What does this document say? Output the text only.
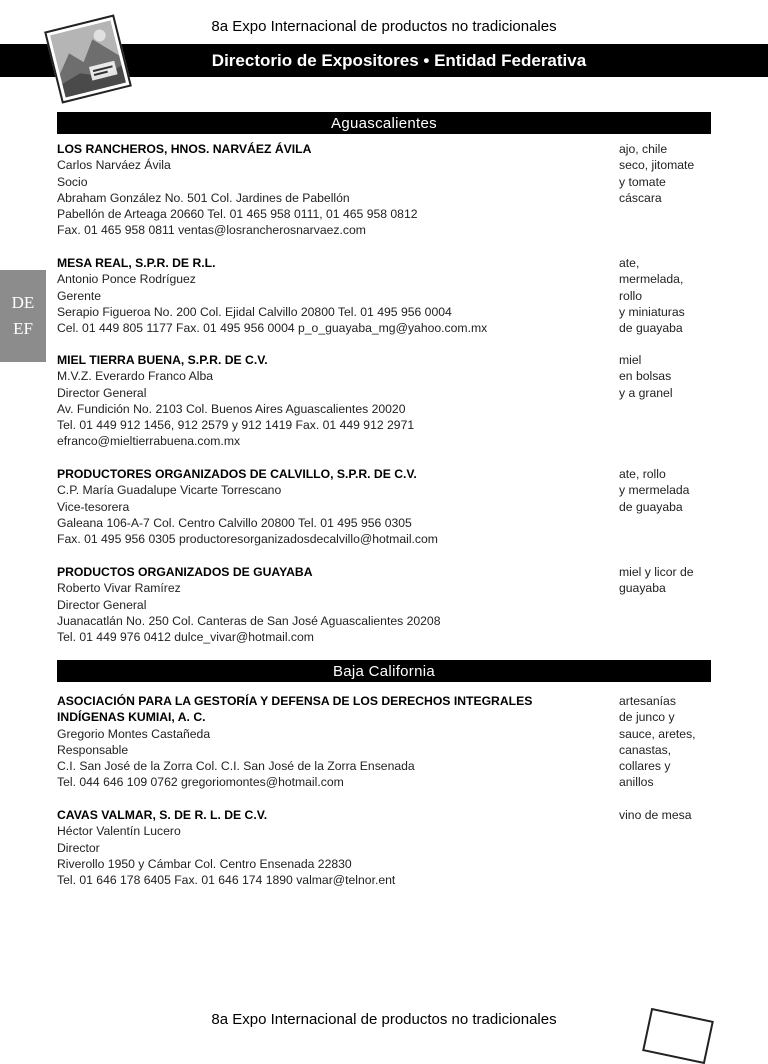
8a Expo Internacional de productos no tradicionales
Directorio de Expositores • Entidad Federativa
DE
EF
Aguascalientes
LOS RANCHEROS, HNOS. NARVÁEZ ÁVILA
Carlos Narváez Ávila
Socio
Abraham González No. 501 Col. Jardines de Pabellón
Pabellón de Arteaga 20660 Tel. 01 465 958 0111, 01 465 958 0812
Fax. 01 465 958 0811 ventas@losrancherosnarvaez.com
ajo, chile
seco, jitomate
y tomate
cáscara
MESA REAL, S.P.R. DE R.L.
Antonio Ponce Rodríguez
Gerente
Serapio Figueroa No. 200 Col. Ejidal Calvillo 20800 Tel. 01 495 956 0004
Cel. 01 449 805 1177 Fax. 01 495 956 0004 p_o_guayaba_mg@yahoo.com.mx
ate,
mermelada,
rollo
y miniaturas
de guayaba
MIEL TIERRA BUENA, S.P.R. DE C.V.
M.V.Z. Everardo Franco Alba
Director General
Av. Fundición No. 2103 Col. Buenos Aires Aguascalientes 20020
Tel. 01 449 912 1456, 912 2579 y 912 1419 Fax. 01 449 912 2971
efranco@mieltierrabuena.com.mx
miel
en bolsas
y a granel
PRODUCTORES ORGANIZADOS DE CALVILLO, S.P.R. DE C.V.
C.P. María Guadalupe Vicarte Torrescano
Vice-tesorera
Galeana 106-A-7 Col. Centro Calvillo 20800 Tel. 01 495 956 0305
Fax. 01 495 956 0305 productoresorganizadosdecalvillo@hotmail.com
ate, rollo
y mermelada
de guayaba
PRODUCTOS ORGANIZADOS DE GUAYABA
Roberto Vivar Ramírez
Director General
Juanacatlán No. 250 Col. Canteras de San José Aguascalientes 20208
Tel. 01 449 976 0412 dulce_vivar@hotmail.com
miel y licor de
guayaba
Baja California
ASOCIACIÓN PARA LA GESTORÍA Y DEFENSA DE LOS DERECHOS INTEGRALES
INDÍGENAS KUMIAI, A. C.
Gregorio Montes Castañeda
Responsable
C.I. San José de la Zorra Col. C.I. San José de la Zorra Ensenada
Tel. 044 646 109 0762 gregoriomontes@hotmail.com
artesanías
de junco y
sauce, aretes,
canastas,
collares y
anillos
CAVAS VALMAR, S. DE R. L. DE C.V.
Héctor Valentín Lucero
Director
Riverollo 1950 y Cámbar Col. Centro Ensenada 22830
Tel. 01 646 178 6405 Fax. 01 646 174 1890 valmar@telnor.ent
vino de mesa
8a Expo Internacional de productos no tradicionales
